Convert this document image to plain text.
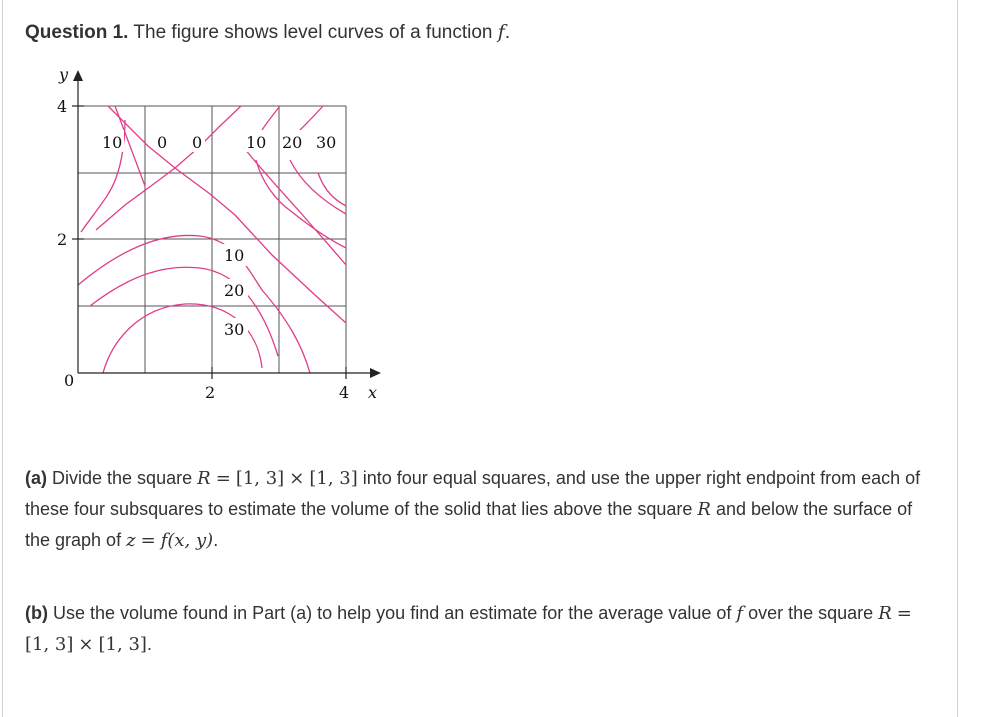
Question 1. The figure shows level curves of a function f.
y
4
2
0
2	4 x
10 0 0	10 20 30
10
20
30
(a) Divide the square R = [1, 3] × [1, 3] into four equal squares, and use the upper right endpoint from each of these four subsquares to estimate the volume of the solid that lies above the square R and below the surface of the graph of z = f(x, y).
(b) Use the volume found in Part (a) to help you find an estimate for the average value of f over the square R = [1, 3] × [1, 3].
